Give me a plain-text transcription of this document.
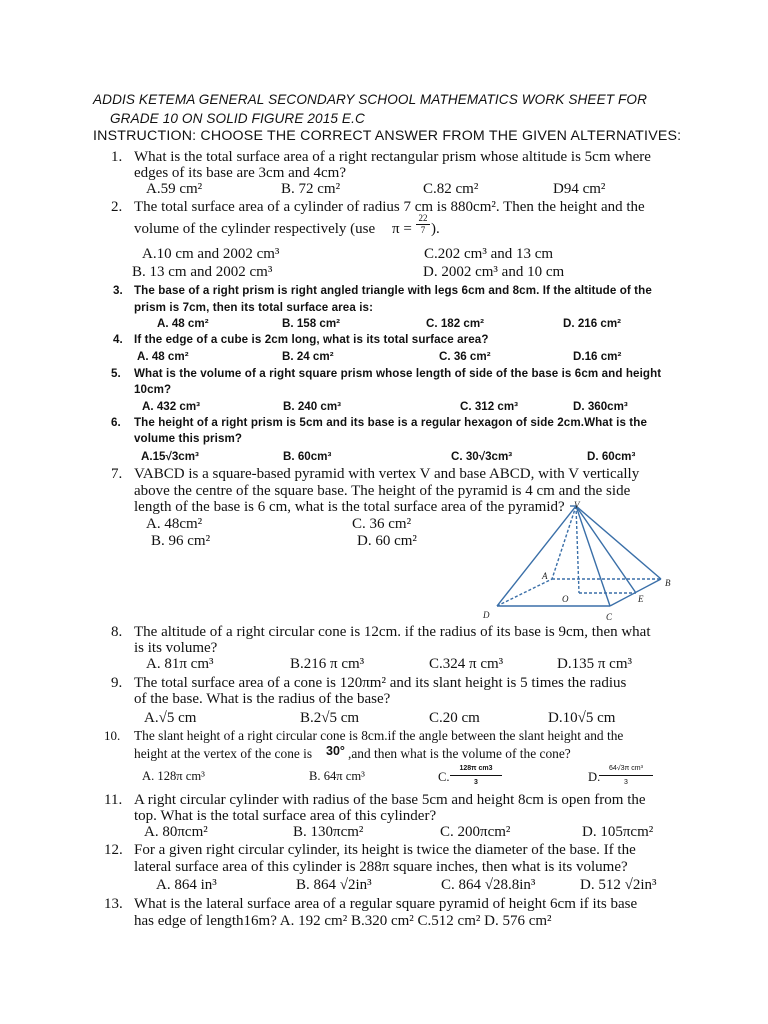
ADDIS KETEMA GENERAL SECONDARY SCHOOL MATHEMATICS WORK SHEET FOR
GRADE 10 ON SOLID FIGURE 2015 E.C
INSTRUCTION: CHOOSE THE CORRECT ANSWER FROM THE GIVEN ALTERNATIVES:
1. What is the total surface area of a right rectangular prism whose altitude is 5cm where
edges of its base are 3cm and 4cm?
A.59 cm²	B. 72 cm²	C.82 cm²	D94 cm²
2. The total surface area of a cylinder of radius 7 cm is 880cm². Then the height and the
volume of the cylinder respectively (use π =
22
7 ).
A.10 cm and 2002 cm³	C.202 cm³ and 13 cm
B. 13 cm and 2002 cm³	D. 2002 cm³ and 10 cm
3. The base of a right prism is right angled triangle with legs 6cm and 8cm. If the altitude of the
prism is 7cm, then its total surface area is:
A. 48 cm²	B. 158 cm²	C. 182 cm²	D. 216 cm²
4. If the edge of a cube is 2cm long, what is its total surface area?
A. 48 cm²	B. 24 cm²	C. 36 cm²	D.16 cm²
5. What is the volume of a right square prism whose length of side of the base is 6cm and height
10cm?
A. 432 cm³	B. 240 cm³	C. 312 cm³	D. 360cm³
6. The height of a right prism is 5cm and its base is a regular hexagon of side 2cm.What is the
volume this prism?
A.15√3cm³	B. 60cm³	C. 30√3cm³	D. 60cm³
7. VABCD is a square-based pyramid with vertex V and base ABCD, with V vertically
above the centre of the square base. The height of the pyramid is 4 cm and the side
length of the base is 6 cm, what is the total surface area of the pyramid?
A. 48cm²	C. 36 cm²
B. 96 cm²	D. 60 cm²
V
A
B
C
D
E
O
8. The altitude of a right circular cone is 12cm. if the radius of its base is 9cm, then what
is its volume?
A. 81π cm³	B.216 π cm³	C.324 π cm³	D.135 π cm³
9. The total surface area of a cone is 120πm² and its slant height is 5 times the radius
of the base. What is the radius of the base?
A.√5 cm	B.2√5 cm	C.20 cm	D.10√5 cm
10. The slant height of a right circular cone is 8cm.if the angle between the slant height and the
height at the vertex of the cone is 30° ,and then what is the volume of the cone?
A. 128π cm³	B. 64π cm³	C.
128π cm3
3	D.
64√3π cm³
3
11. A right circular cylinder with radius of the base 5cm and height 8cm is open from the
top. What is the total surface area of this cylinder?
A. 80πcm²	B. 130πcm²	C. 200πcm²	D. 105πcm²
12. For a given right circular cylinder, its height is twice the diameter of the base. If the
lateral surface area of this cylinder is 288π square inches, then what is its volume?
A. 864 in³	B. 864 √2in³	C. 864 √28.8in³	D. 512 √2in³
13. What is the lateral surface area of a regular square pyramid of height 6cm if its base
has edge of length16m? A. 192 cm² B.320 cm² C.512 cm² D. 576 cm²
